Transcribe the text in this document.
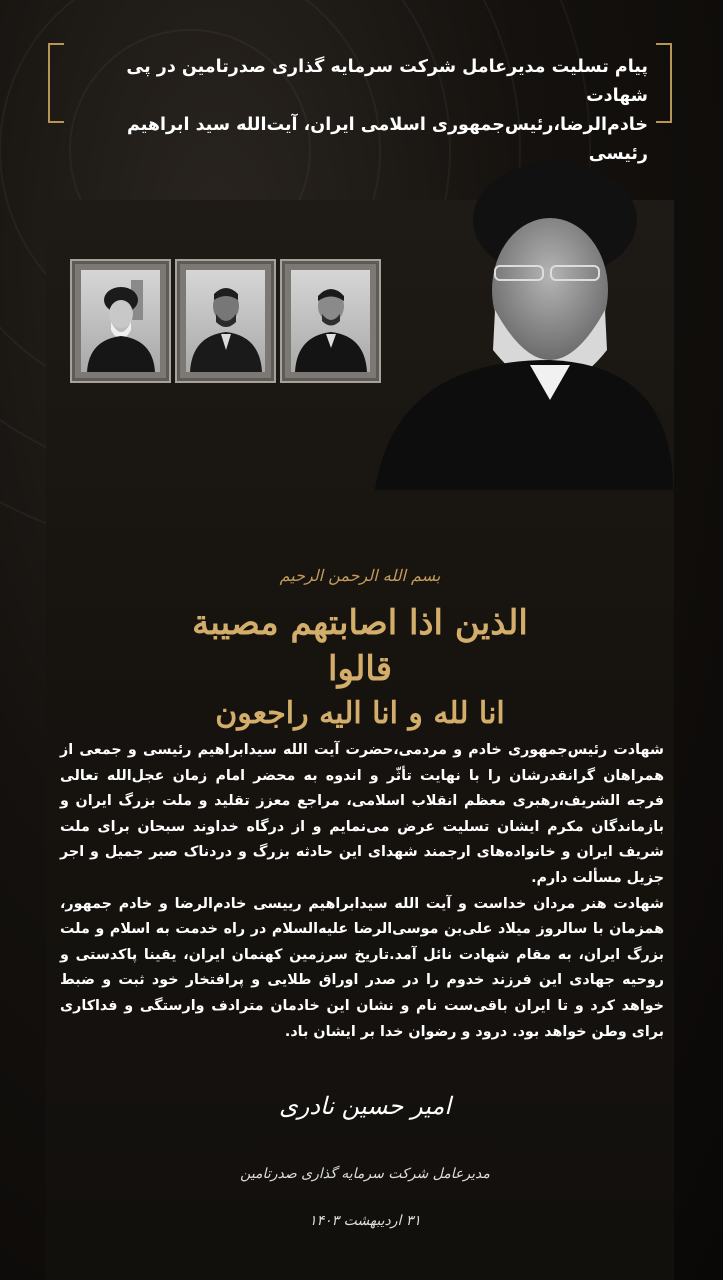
پیام تسلیت مدیرعامل شرکت سرمایه گذاری صدرتامین در پی شهادت
خادم‌الرضا،رئیس‌جمهوری اسلامی ایران، آیت‌الله سید ابراهیم رئیسی
بسم الله الرحمن الرحیم
الذین اذا اصابتهم مصیبة قالوا
انا لله و انا الیه راجعون

شهادت رئیس‌جمهوری خادم و مردمی،حضرت آیت الله سیدابراهیم رئیسی و جمعی از همراهان گرانقدرشان را با نهایت تأثّر و اندوه به محضر امام زمان عجل‌الله تعالی فرجه الشریف،رهبری معظم انقلاب اسلامی، مراجع معزز تقلید و ملت بزرگ ایران و بازماندگان مکرم ایشان تسلیت عرض می‌نمایم و از درگاه خداوند سبحان برای ملت شریف ایران و خانواده‌های ارجمند شهدای این حادثه بزرگ و دردناک صبر جمیل و اجر جزیل مسألت دارم.

شهادت هنر مردان خداست و آیت الله سیدابراهیم رییسی خادم‌الرضا و خادم جمهور، همزمان با سالروز میلاد علی‌بن موسی‌الرضا علیه‌السلام در راه خدمت به اسلام و ملت بزرگ ایران، به مقام شهادت نائل آمد.تاریخ سرزمین کهنمان ایران، یقینا پاکدستی و روحیه جهادی این فرزند خدوم را در صدر اوراق طلایی و پرافتخار خود ثبت و ضبط خواهد کرد و تا ایران باقی‌ست نام و نشان این خادمان مترادف وارستگی و فداکاری برای وطن خواهد بود. درود و رضوان خدا بر ایشان باد.

امیر حسین نادری
مدیرعامل شرکت سرمایه گذاری صدرتامین
۳۱ اردیبهشت ۱۴۰۳
